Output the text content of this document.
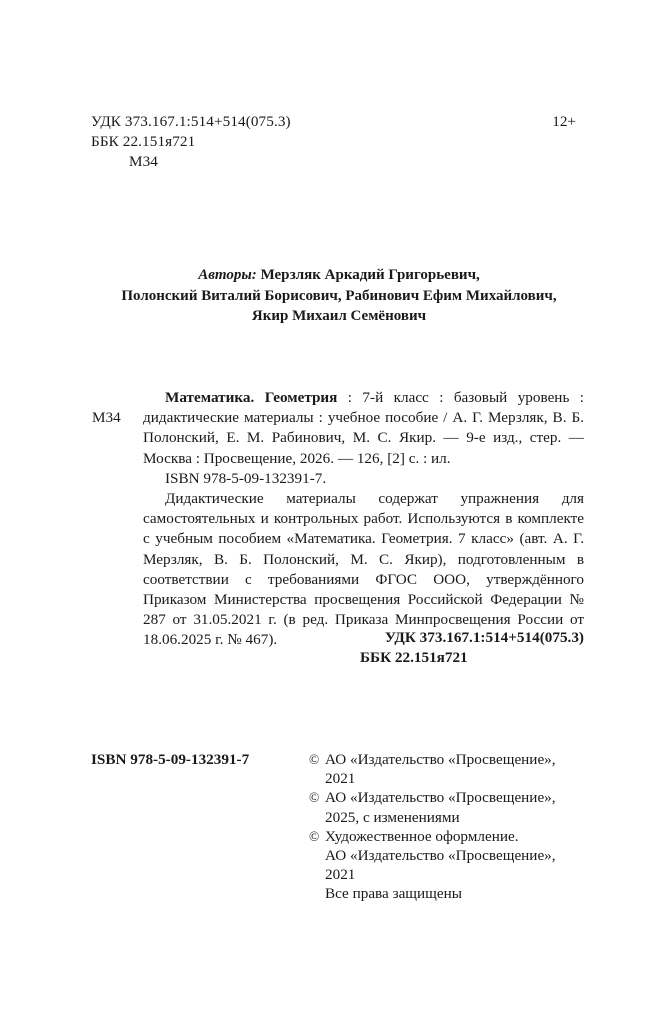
УДК 373.167.1:514+514(075.3)
ББК 22.151я721
М34
12+
Авторы: Мерзляк Аркадий Григорьевич,
Полонский Виталий Борисович, Рабинович Ефим Михайлович,
Якир Михаил Семёнович
М34

Математика. Геометрия : 7-й класс : базовый уровень : дидактические материалы : учебное пособие / А. Г. Мерзляк, В. Б. Полонский, Е. М. Рабинович, М. С. Якир. — 9-е изд., стер. — Москва : Просвещение, 2026. — 126, [2] с. : ил.

ISBN 978-5-09-132391-7.

Дидактические материалы содержат упражнения для самостоятельных и контрольных работ. Используются в комплекте с учебным пособием «Математика. Геометрия. 7 класс» (авт. А. Г. Мерзляк, В. Б. Полонский, М. С. Якир), подготовленным в соответствии с требованиями ФГОС ООО, утверждённого Приказом Министерства просвещения Российской Федерации № 287 от 31.05.2021 г. (в ред. Приказа Минпросвещения России от 18.06.2025 г. № 467).	УДК 373.167.1:514+514(075.3)
ББК 22.151я721
ISBN 978-5-09-132391-7	© АО «Издательство «Просвещение»,
2021
© АО «Издательство «Просвещение»,
2025, с изменениями
© Художественное оформление.
АО «Издательство «Просвещение»,
2021
Все права защищены
